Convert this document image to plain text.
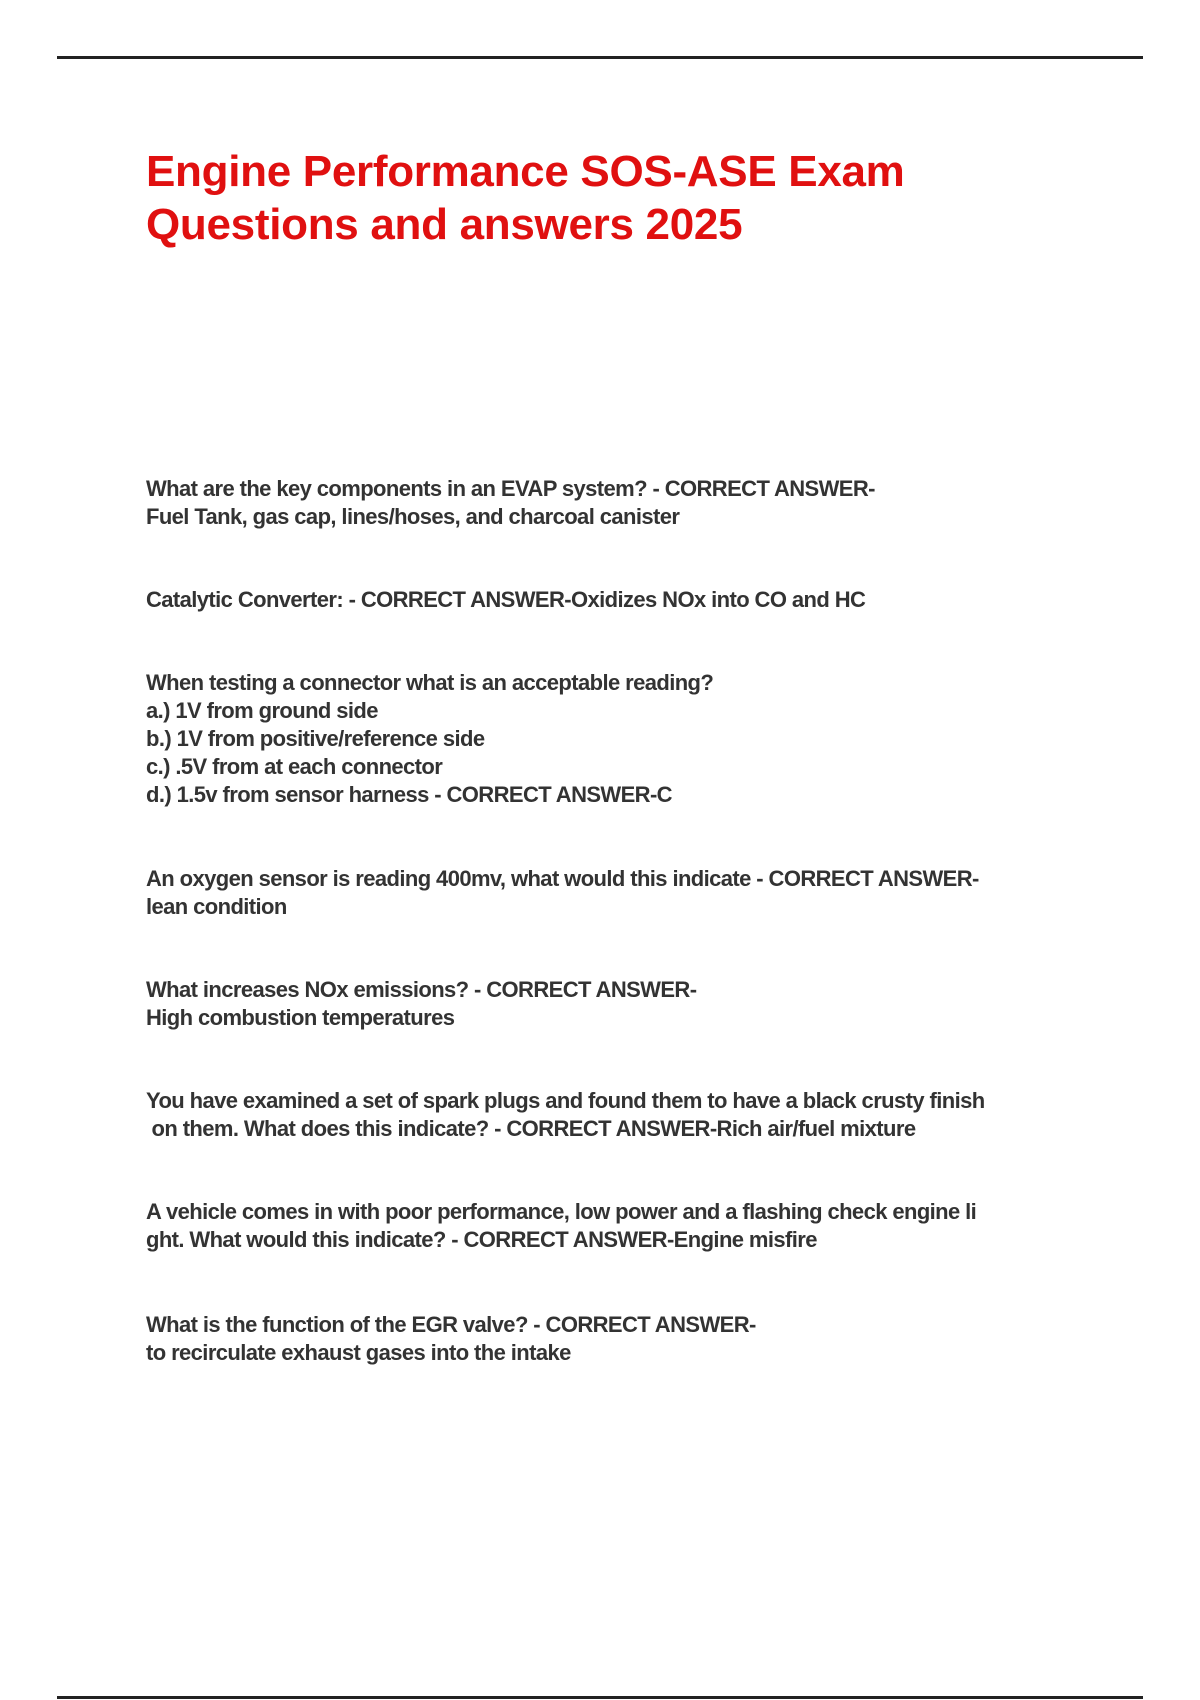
Engine Performance SOS-ASE Exam
Questions and answers 2025
What are the key components in an EVAP system? - CORRECT ANSWER-
Fuel Tank, gas cap, lines/hoses, and charcoal canister
Catalytic Converter: - CORRECT ANSWER-Oxidizes NOx into CO and HC
When testing a connector what is an acceptable reading?
a.) 1V from ground side
b.) 1V from positive/reference side
c.) .5V from at each connector
d.) 1.5v from sensor harness - CORRECT ANSWER-C
An oxygen sensor is reading 400mv, what would this indicate - CORRECT ANSWER-
lean condition
What increases NOx emissions? - CORRECT ANSWER-
High combustion temperatures
You have examined a set of spark plugs and found them to have a black crusty finish
on them. What does this indicate? - CORRECT ANSWER-Rich air/fuel mixture
A vehicle comes in with poor performance, low power and a flashing check engine li
ght. What would this indicate? - CORRECT ANSWER-Engine misfire
What is the function of the EGR valve? - CORRECT ANSWER-
to recirculate exhaust gases into the intake
